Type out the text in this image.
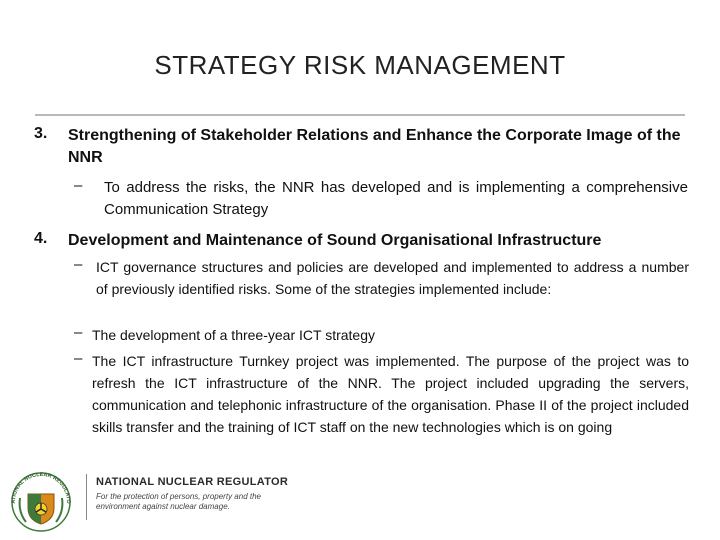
STRATEGY RISK MANAGEMENT
3. Strengthening of Stakeholder Relations and Enhance the Corporate Image of the NNR
– To address the risks, the NNR has developed and is implementing a comprehensive Communication Strategy
4. Development and Maintenance of Sound Organisational Infrastructure
– ICT governance structures and policies are developed and implemented to address a number of previously identified risks. Some of the strategies implemented include:
– The development of a three-year ICT strategy
– The ICT infrastructure Turnkey project was implemented. The purpose of the project was to refresh the ICT infrastructure of the NNR. The project included upgrading the servers, communication and telephonic infrastructure of the organisation. Phase II of the project included skills transfer and the training of ICT staff on the new technologies which is on going
ATIONAL NUCLEAR REGULATO
NATIONAL NUCLEAR REGULATOR
For the protection of persons, property and the environment against nuclear damage.
